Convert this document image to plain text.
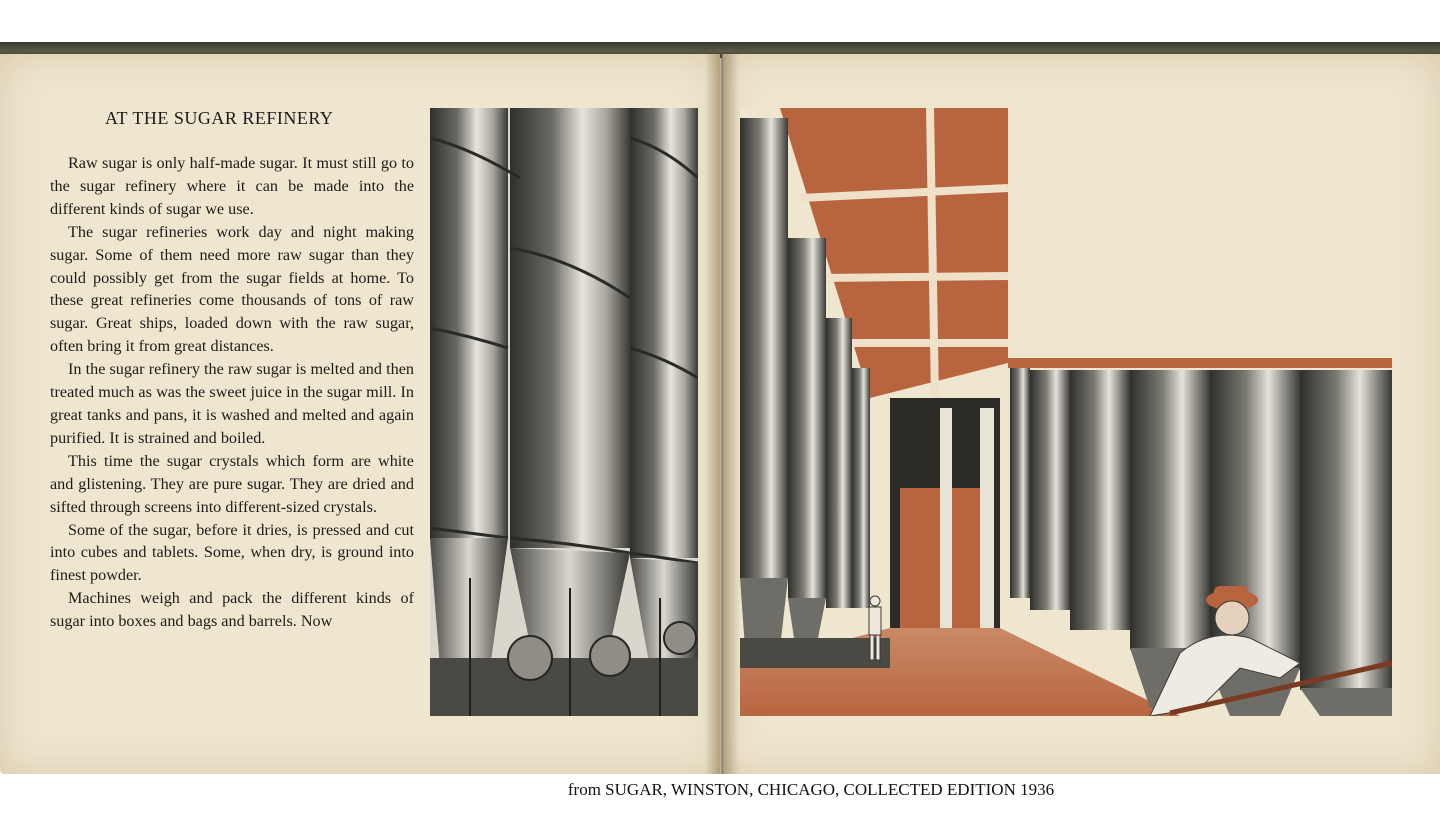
AT THE SUGAR REFINERY

Raw sugar is only half-made sugar. It must still go to the sugar refinery where it can be made into the different kinds of sugar we use.

The sugar refineries work day and night making sugar. Some of them need more raw sugar than they could possibly get from the sugar fields at home. To these great refineries come thousands of tons of raw sugar. Great ships, loaded down with the raw sugar, often bring it from great distances.

In the sugar refinery the raw sugar is melted and then treated much as was the sweet juice in the sugar mill. In great tanks and pans, it is washed and melted and again purified. It is strained and boiled.

This time the sugar crystals which form are white and glistening. They are pure sugar. They are dried and sifted through screens into different-sized crystals.

Some of the sugar, before it dries, is pressed and cut into cubes and tablets. Some, when dry, is ground into finest powder.

Machines weigh and pack the different kinds of sugar into boxes and bags and barrels. Now

from SUGAR, WINSTON, CHICAGO, COLLECTED EDITION 1936
